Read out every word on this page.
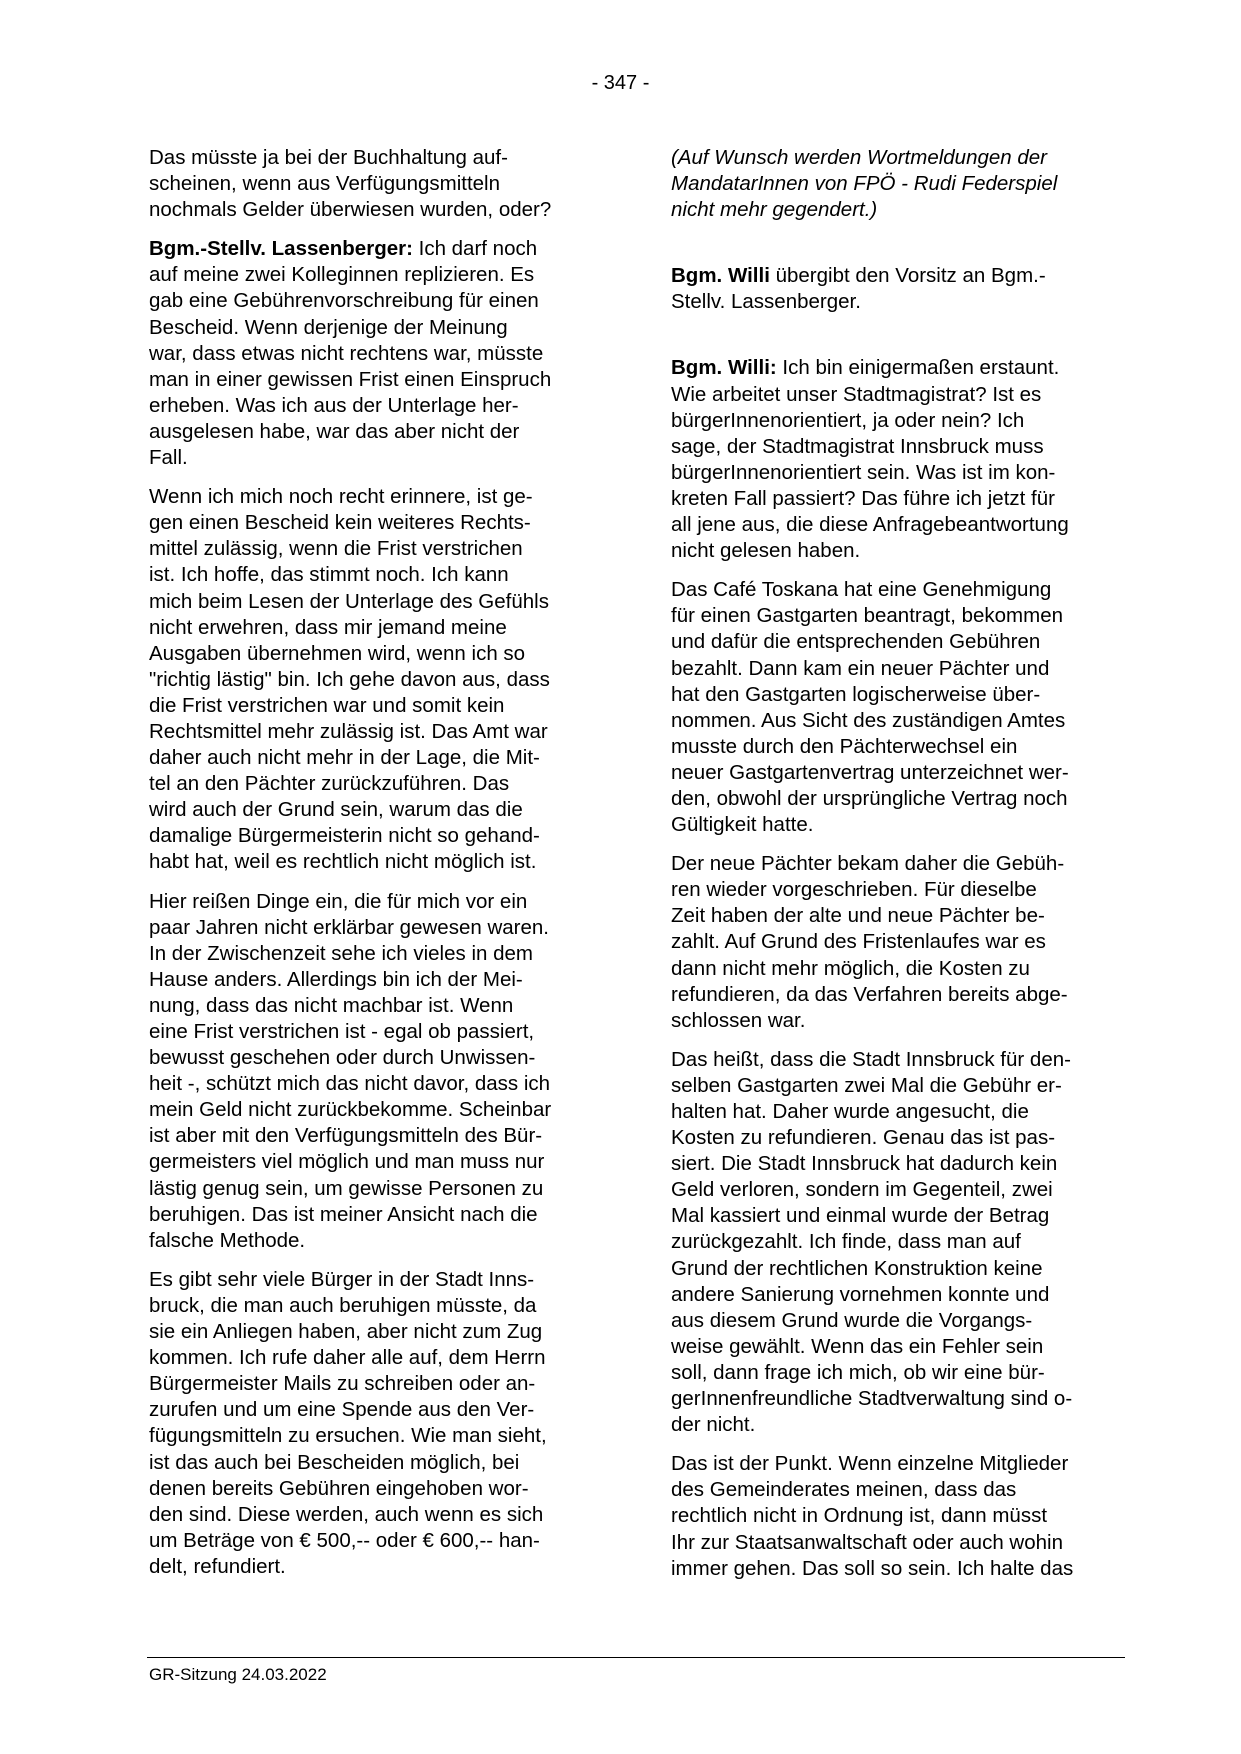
- 347 -

Das müsste ja bei der Buchhaltung auf-
scheinen, wenn aus Verfügungsmitteln
nochmals Gelder überwiesen wurden, oder?

Bgm.-Stellv. Lassenberger: Ich darf noch
auf meine zwei Kolleginnen replizieren. Es
gab eine Gebührenvorschreibung für einen
Bescheid. Wenn derjenige der Meinung
war, dass etwas nicht rechtens war, müsste
man in einer gewissen Frist einen Einspruch
erheben. Was ich aus der Unterlage her-
ausgelesen habe, war das aber nicht der
Fall.

Wenn ich mich noch recht erinnere, ist ge-
gen einen Bescheid kein weiteres Rechts-
mittel zulässig, wenn die Frist verstrichen
ist. Ich hoffe, das stimmt noch. Ich kann
mich beim Lesen der Unterlage des Gefühls
nicht erwehren, dass mir jemand meine
Ausgaben übernehmen wird, wenn ich so
"richtig lästig" bin. Ich gehe davon aus, dass
die Frist verstrichen war und somit kein
Rechtsmittel mehr zulässig ist. Das Amt war
daher auch nicht mehr in der Lage, die Mit-
tel an den Pächter zurückzuführen. Das
wird auch der Grund sein, warum das die
damalige Bürgermeisterin nicht so gehand-
habt hat, weil es rechtlich nicht möglich ist.

Hier reißen Dinge ein, die für mich vor ein
paar Jahren nicht erklärbar gewesen waren.
In der Zwischenzeit sehe ich vieles in dem
Hause anders. Allerdings bin ich der Mei-
nung, dass das nicht machbar ist. Wenn
eine Frist verstrichen ist - egal ob passiert,
bewusst geschehen oder durch Unwissen-
heit -, schützt mich das nicht davor, dass ich
mein Geld nicht zurückbekomme. Scheinbar
ist aber mit den Verfügungsmitteln des Bür-
germeisters viel möglich und man muss nur
lästig genug sein, um gewisse Personen zu
beruhigen. Das ist meiner Ansicht nach die
falsche Methode.

Es gibt sehr viele Bürger in der Stadt Inns-
bruck, die man auch beruhigen müsste, da
sie ein Anliegen haben, aber nicht zum Zug
kommen. Ich rufe daher alle auf, dem Herrn
Bürgermeister Mails zu schreiben oder an-
zurufen und um eine Spende aus den Ver-
fügungsmitteln zu ersuchen. Wie man sieht,
ist das auch bei Bescheiden möglich, bei
denen bereits Gebühren eingehoben wor-
den sind. Diese werden, auch wenn es sich
um Beträge von € 500,-- oder € 600,-- han-
delt, refundiert.

(Auf Wunsch werden Wortmeldungen der
MandatarInnen von FPÖ - Rudi Federspiel
nicht mehr gegendert.)

Bgm. Willi übergibt den Vorsitz an Bgm.-
Stellv. Lassenberger.

Bgm. Willi: Ich bin einigermaßen erstaunt.
Wie arbeitet unser Stadtmagistrat? Ist es
bürgerInnenorientiert, ja oder nein? Ich
sage, der Stadtmagistrat Innsbruck muss
bürgerInnenorientiert sein. Was ist im kon-
kreten Fall passiert? Das führe ich jetzt für
all jene aus, die diese Anfragebeantwortung
nicht gelesen haben.

Das Café Toskana hat eine Genehmigung
für einen Gastgarten beantragt, bekommen
und dafür die entsprechenden Gebühren
bezahlt. Dann kam ein neuer Pächter und
hat den Gastgarten logischerweise über-
nommen. Aus Sicht des zuständigen Amtes
musste durch den Pächterwechsel ein
neuer Gastgartenvertrag unterzeichnet wer-
den, obwohl der ursprüngliche Vertrag noch
Gültigkeit hatte.

Der neue Pächter bekam daher die Gebüh-
ren wieder vorgeschrieben. Für dieselbe
Zeit haben der alte und neue Pächter be-
zahlt. Auf Grund des Fristenlaufes war es
dann nicht mehr möglich, die Kosten zu
refundieren, da das Verfahren bereits abge-
schlossen war.

Das heißt, dass die Stadt Innsbruck für den-
selben Gastgarten zwei Mal die Gebühr er-
halten hat. Daher wurde angesucht, die
Kosten zu refundieren. Genau das ist pas-
siert. Die Stadt Innsbruck hat dadurch kein
Geld verloren, sondern im Gegenteil, zwei
Mal kassiert und einmal wurde der Betrag
zurückgezahlt. Ich finde, dass man auf
Grund der rechtlichen Konstruktion keine
andere Sanierung vornehmen konnte und
aus diesem Grund wurde die Vorgangs-
weise gewählt. Wenn das ein Fehler sein
soll, dann frage ich mich, ob wir eine bür-
gerInnenfreundliche Stadtverwaltung sind o-
der nicht.

Das ist der Punkt. Wenn einzelne Mitglieder
des Gemeinderates meinen, dass das
rechtlich nicht in Ordnung ist, dann müsst
Ihr zur Staatsanwaltschaft oder auch wohin
immer gehen. Das soll so sein. Ich halte das

GR-Sitzung 24.03.2022
